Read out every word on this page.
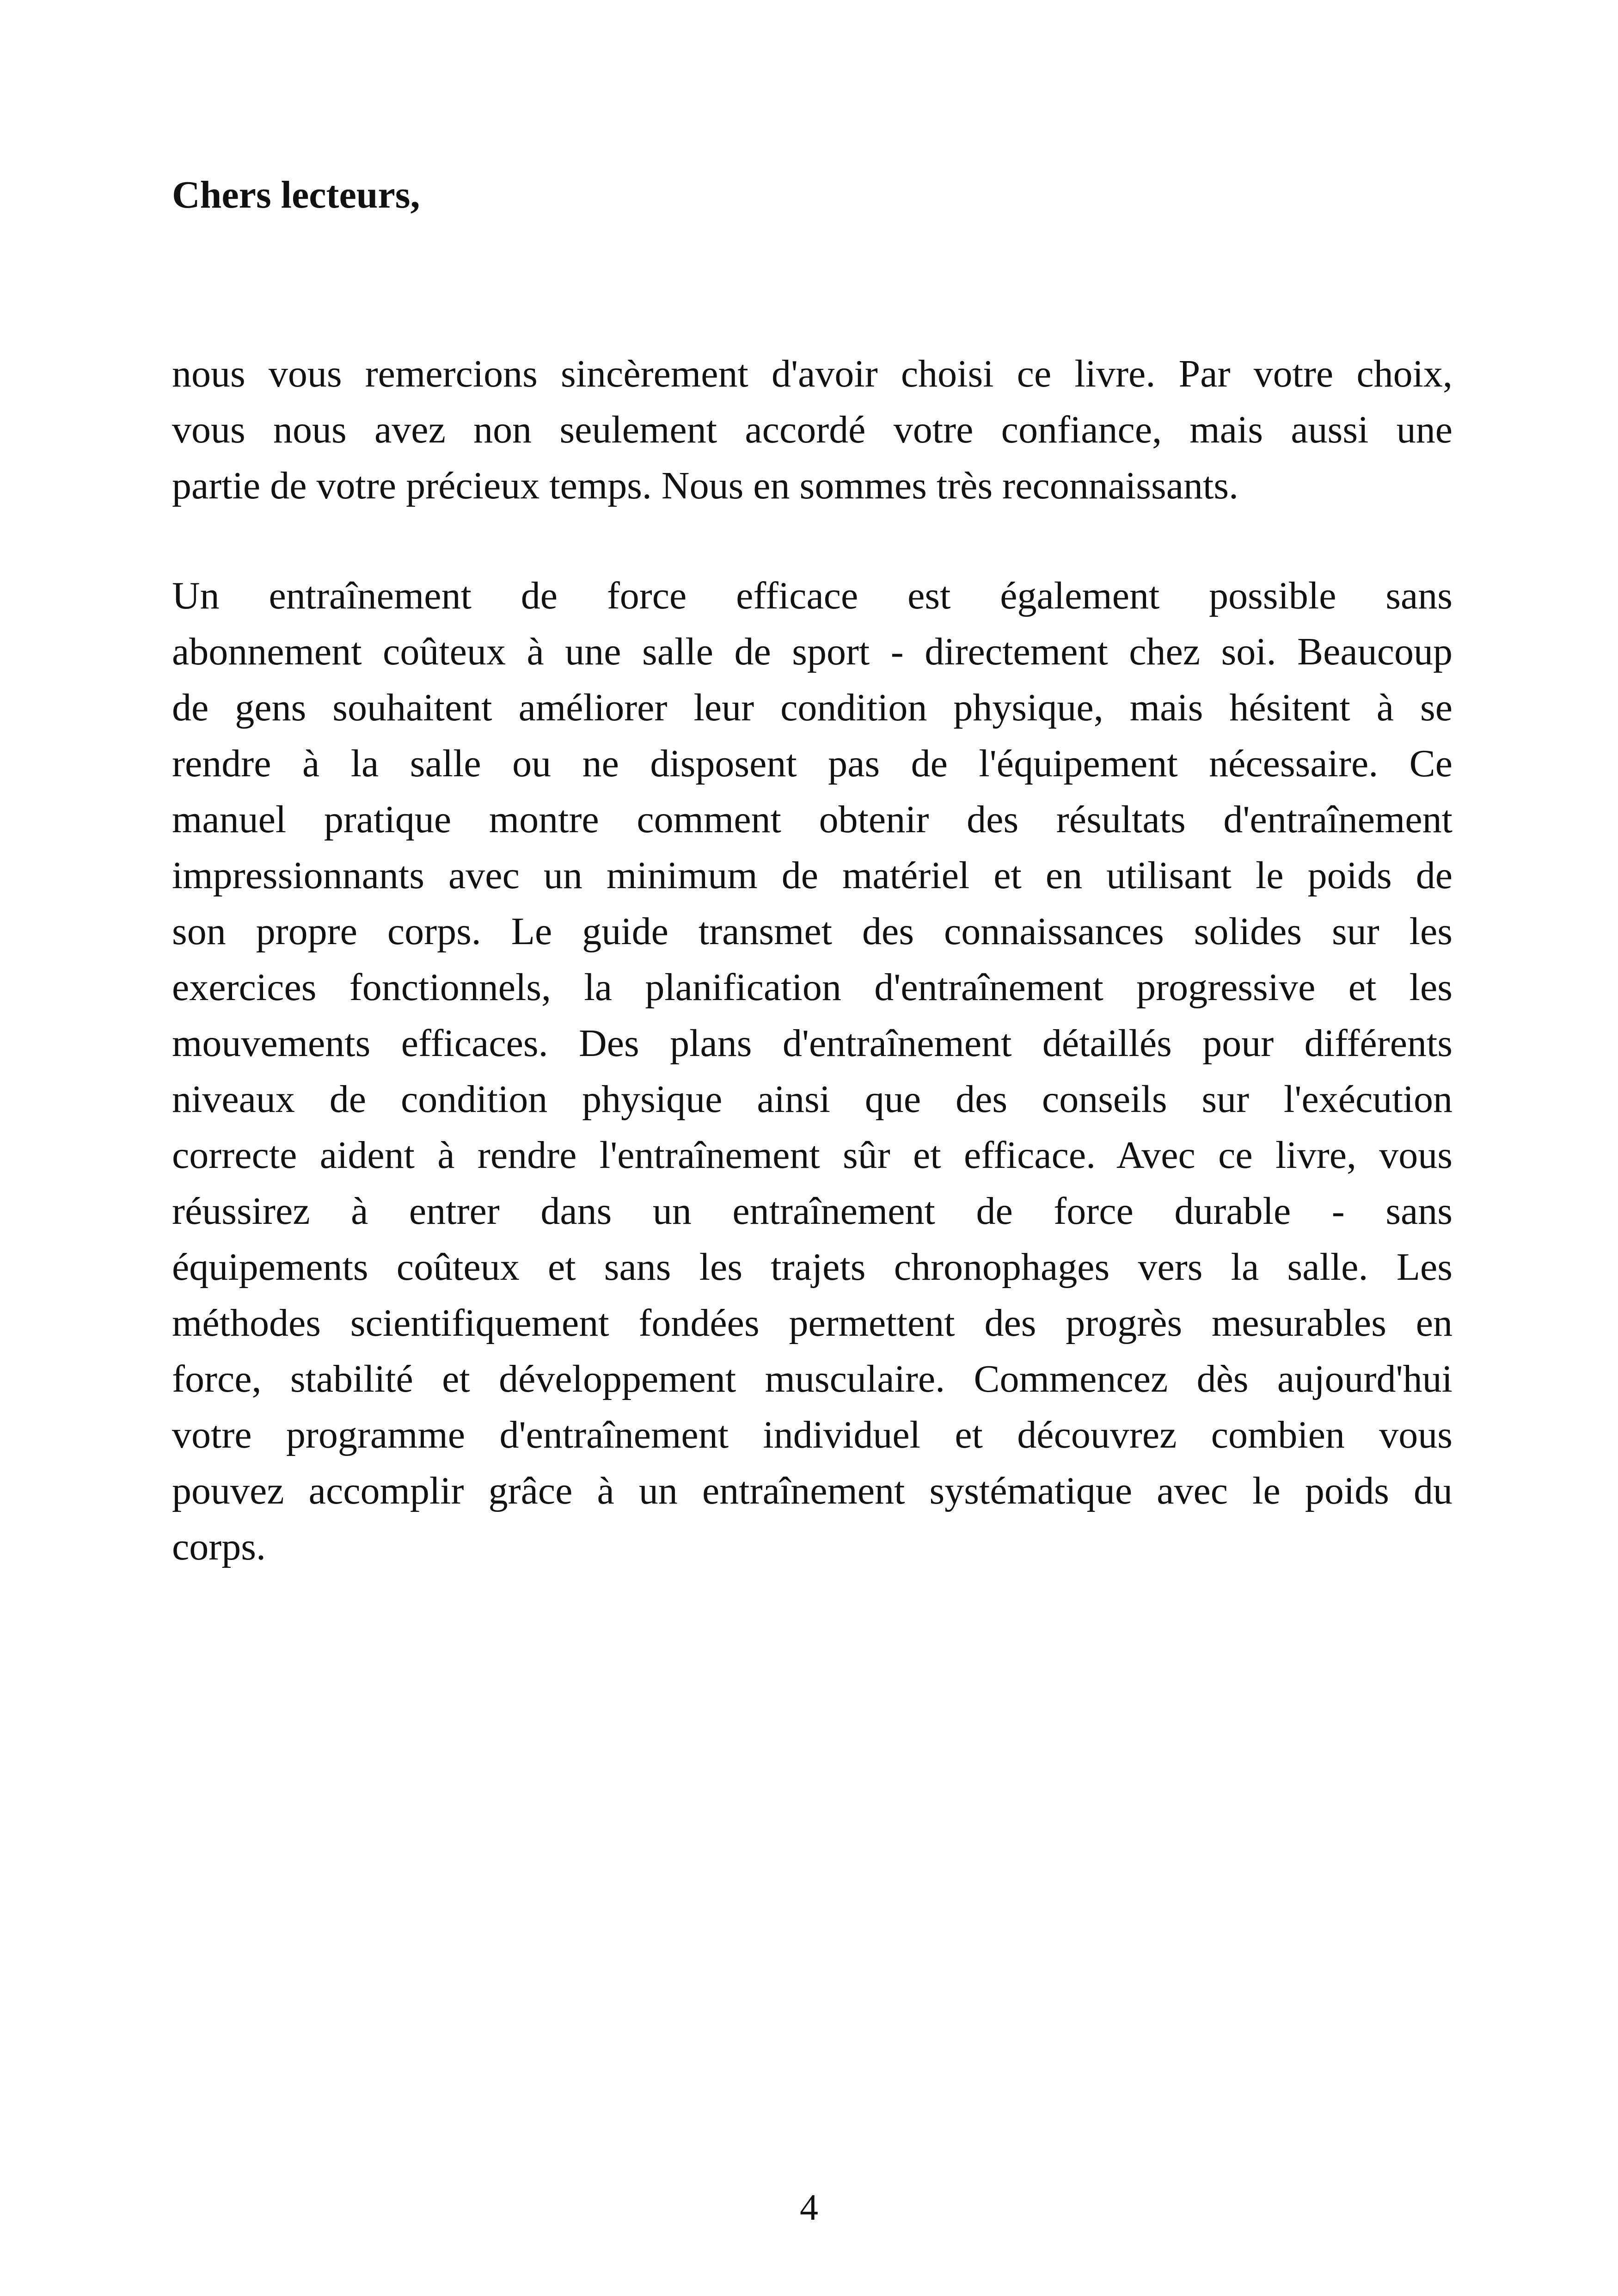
Chers lecteurs,

nous vous remercions sincèrement d'avoir choisi ce livre. Par votre choix,
vous nous avez non seulement accordé votre confiance, mais aussi une
partie de votre précieux temps. Nous en sommes très reconnaissants.

Un entraînement de force efficace est également possible sans
abonnement coûteux à une salle de sport - directement chez soi. Beaucoup
de gens souhaitent améliorer leur condition physique, mais hésitent à se
rendre à la salle ou ne disposent pas de l'équipement nécessaire. Ce
manuel pratique montre comment obtenir des résultats d'entraînement
impressionnants avec un minimum de matériel et en utilisant le poids de
son propre corps. Le guide transmet des connaissances solides sur les
exercices fonctionnels, la planification d'entraînement progressive et les
mouvements efficaces. Des plans d'entraînement détaillés pour différents
niveaux de condition physique ainsi que des conseils sur l'exécution
correcte aident à rendre l'entraînement sûr et efficace. Avec ce livre, vous
réussirez à entrer dans un entraînement de force durable - sans
équipements coûteux et sans les trajets chronophages vers la salle. Les
méthodes scientifiquement fondées permettent des progrès mesurables en
force, stabilité et développement musculaire. Commencez dès aujourd'hui
votre programme d'entraînement individuel et découvrez combien vous
pouvez accomplir grâce à un entraînement systématique avec le poids du
corps.

4
